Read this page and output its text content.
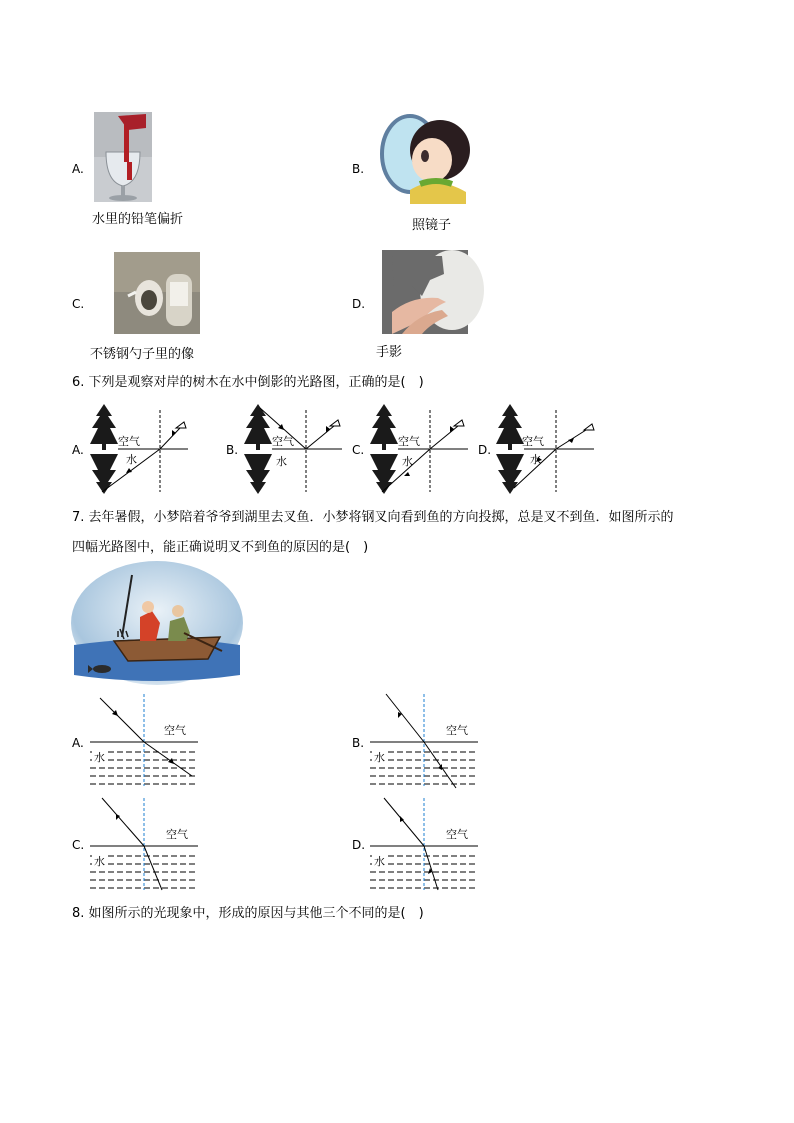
A.
水里的铅笔偏折
B.
照镜子
C.
不锈钢勺子里的像
D.
手影
6. 下列是观察对岸的树木在水中倒影的光路图，正确的是(　)
A.
空气
水
B.
空气
水
C.
空气
水
D.
空气
水
7. 去年暑假，小梦陪着爷爷到湖里去叉鱼．小梦将钢叉向看到鱼的方向投掷，总是叉不到鱼．如图所示的
四幅光路图中，能正确说明叉不到鱼的原因的是(　)
A.
空气
水
B.
空气
水
C.
空气
水
D.
空气
水
8. 如图所示的光现象中，形成的原因与其他三个不同的是(　)
